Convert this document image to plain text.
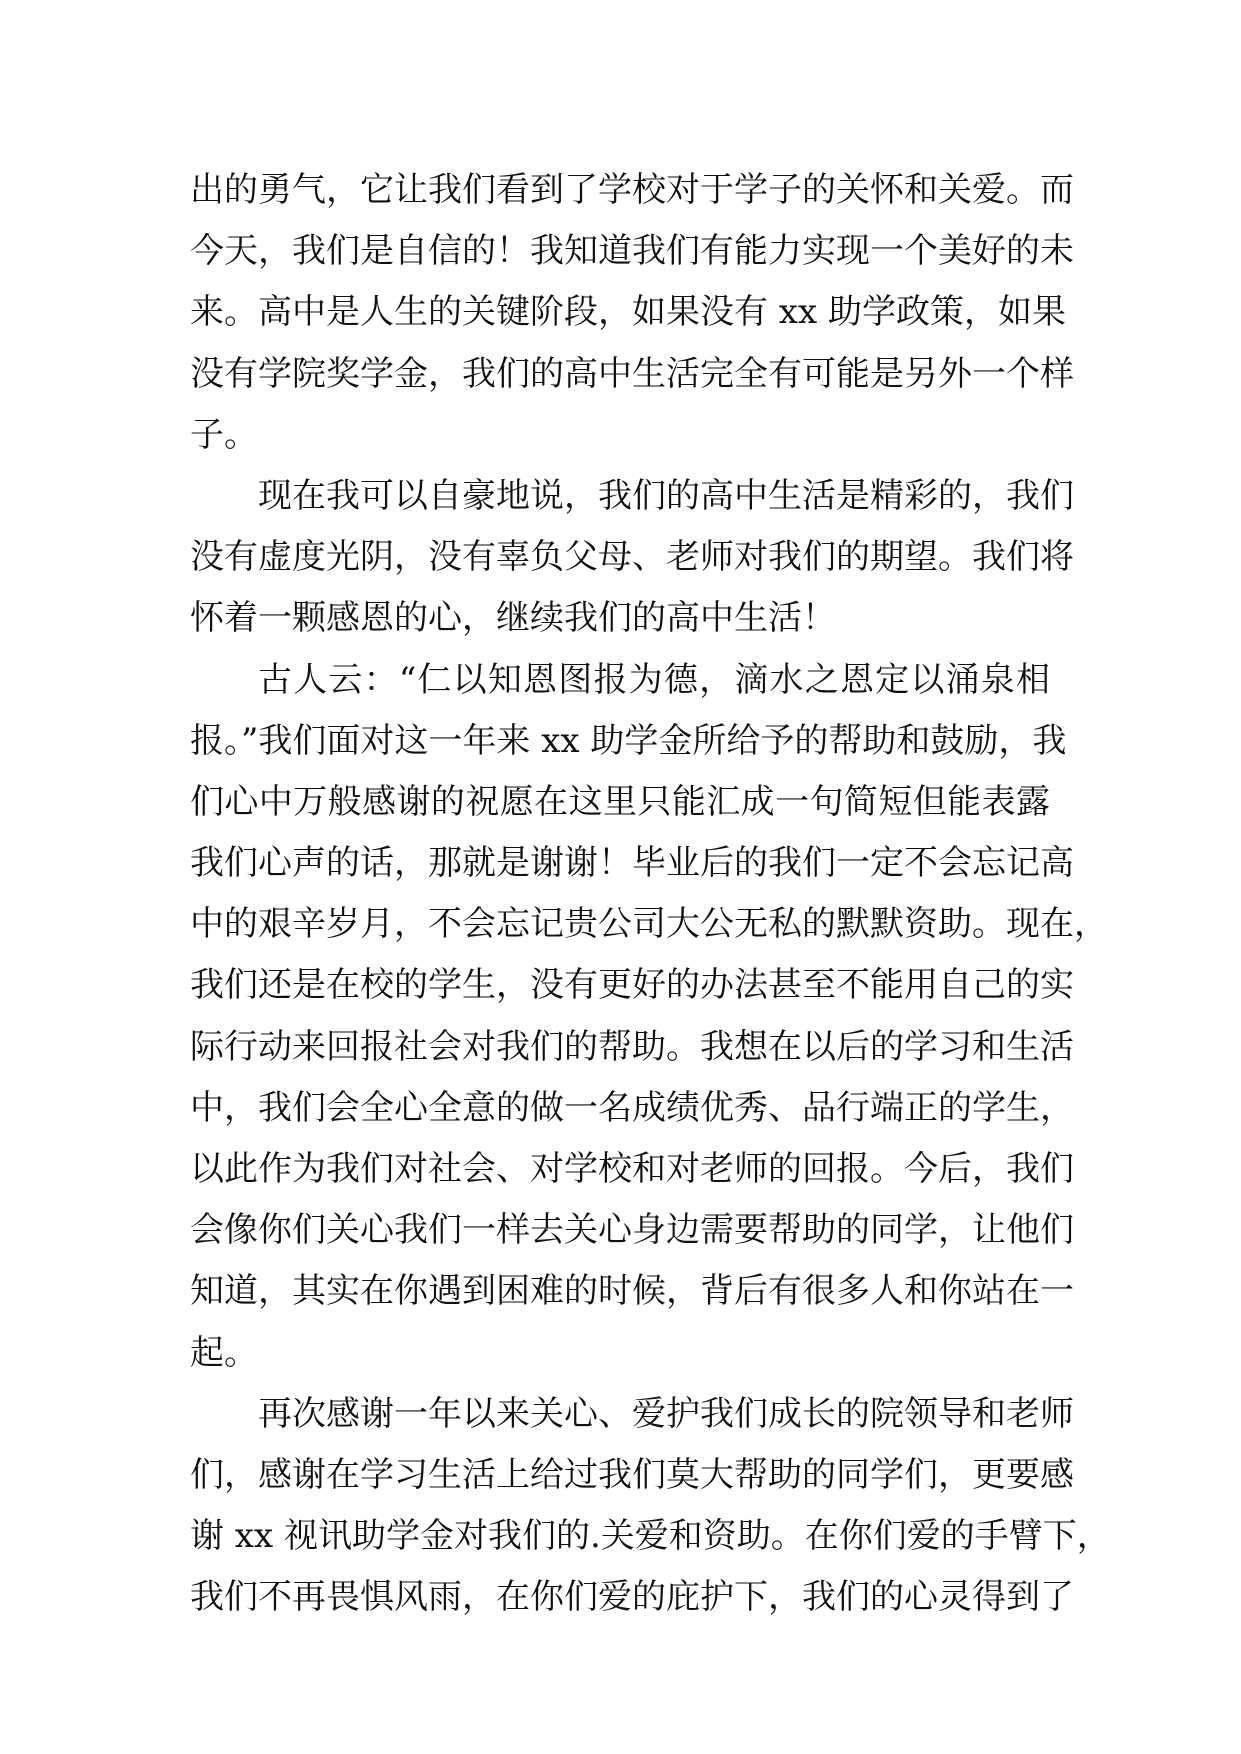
出的勇气，它让我们看到了学校对于学子的关怀和关爱。而
今天，我们是自信的！我知道我们有能力实现一个美好的未
来。高中是人生的关键阶段，如果没有 xx 助学政策，如果
没有学院奖学金，我们的高中生活完全有可能是另外一个样
子。
现在我可以自豪地说，我们的高中生活是精彩的，我们
没有虚度光阴，没有辜负父母、老师对我们的期望。我们将
怀着一颗感恩的心，继续我们的高中生活！
古人云：“仁以知恩图报为德，滴水之恩定以涌泉相
报。”我们面对这一年来 xx 助学金所给予的帮助和鼓励，我
们心中万般感谢的祝愿在这里只能汇成一句简短但能表露
我们心声的话，那就是谢谢！毕业后的我们一定不会忘记高
中的艰辛岁月，不会忘记贵公司大公无私的默默资助。现在，
我们还是在校的学生，没有更好的办法甚至不能用自己的实
际行动来回报社会对我们的帮助。我想在以后的学习和生活
中，我们会全心全意的做一名成绩优秀、品行端正的学生，
以此作为我们对社会、对学校和对老师的回报。今后，我们
会像你们关心我们一样去关心身边需要帮助的同学，让他们
知道，其实在你遇到困难的时候，背后有很多人和你站在一
起。
再次感谢一年以来关心、爱护我们成长的院领导和老师
们，感谢在学习生活上给过我们莫大帮助的同学们，更要感
谢 xx 视讯助学金对我们的.关爱和资助。在你们爱的手臂下，
我们不再畏惧风雨，在你们爱的庇护下，我们的心灵得到了
